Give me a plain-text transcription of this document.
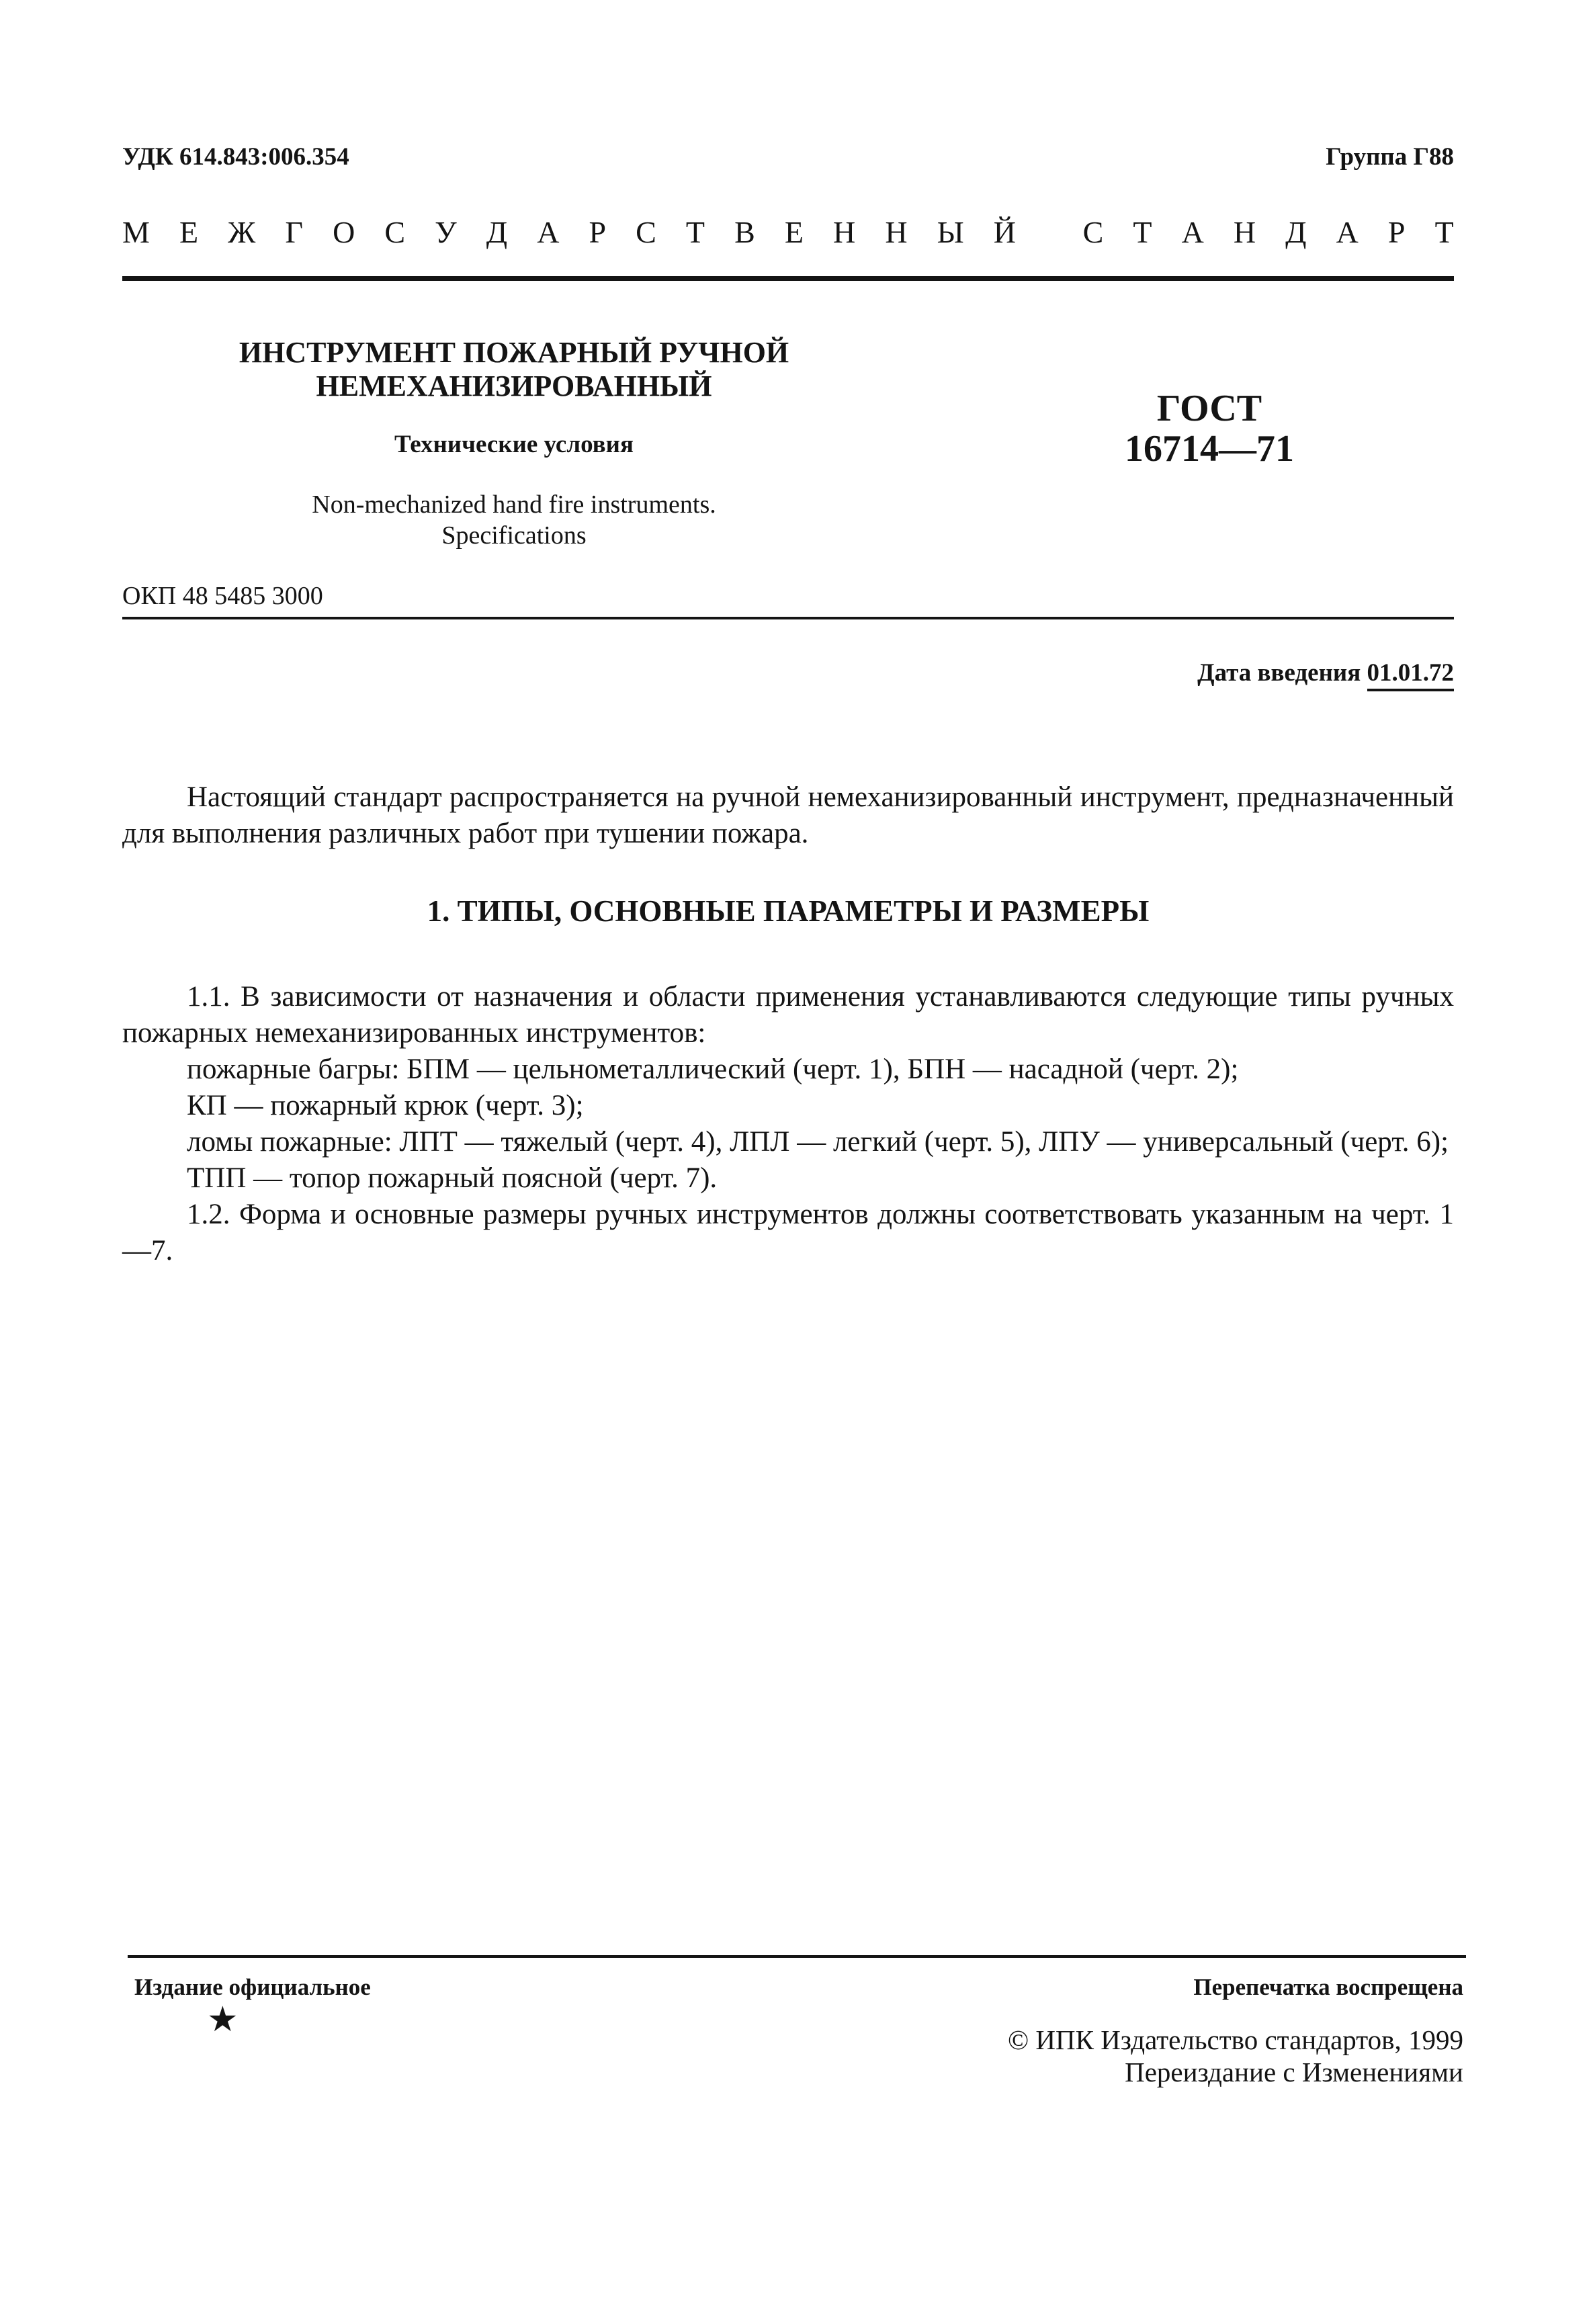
УДК 614.843:006.354	Группа Г88
М Е Ж Г О С У Д А Р С Т В Е Н Н Ы Й
С Т А Н Д А Р Т
ИНСТРУМЕНТ ПОЖАРНЫЙ РУЧНОЙ
НЕМЕХАНИЗИРОВАННЫЙ
Технические условия
Non-mechanized hand fire instruments.
Specifications
ГОСТ
16714—71
ОКП 48 5485 3000
Дата введения 01.01.72

Настоящий стандарт распространяется на ручной немеханизированный инструмент, предназначенный для выполнения различных работ при тушении пожара.

1. ТИПЫ, ОСНОВНЫЕ ПАРАМЕТРЫ И РАЗМЕРЫ

1.1. В зависимости от назначения и области применения устанавливаются следующие типы ручных пожарных немеханизированных инструментов:

пожарные багры: БПМ — цельнометаллический (черт. 1), БПН — насадной (черт. 2);

КП — пожарный крюк (черт. 3);

ломы пожарные: ЛПТ — тяжелый (черт. 4), ЛПЛ — легкий (черт. 5), ЛПУ — универсальный (черт. 6);

ТПП — топор пожарный поясной (черт. 7).

1.2. Форма и основные размеры ручных инструментов должны соответствовать указанным на черт. 1—7.

Издание официальное	Перепечатка воспрещена
★
© ИПК Издательство стандартов, 1999
Переиздание с Изменениями
